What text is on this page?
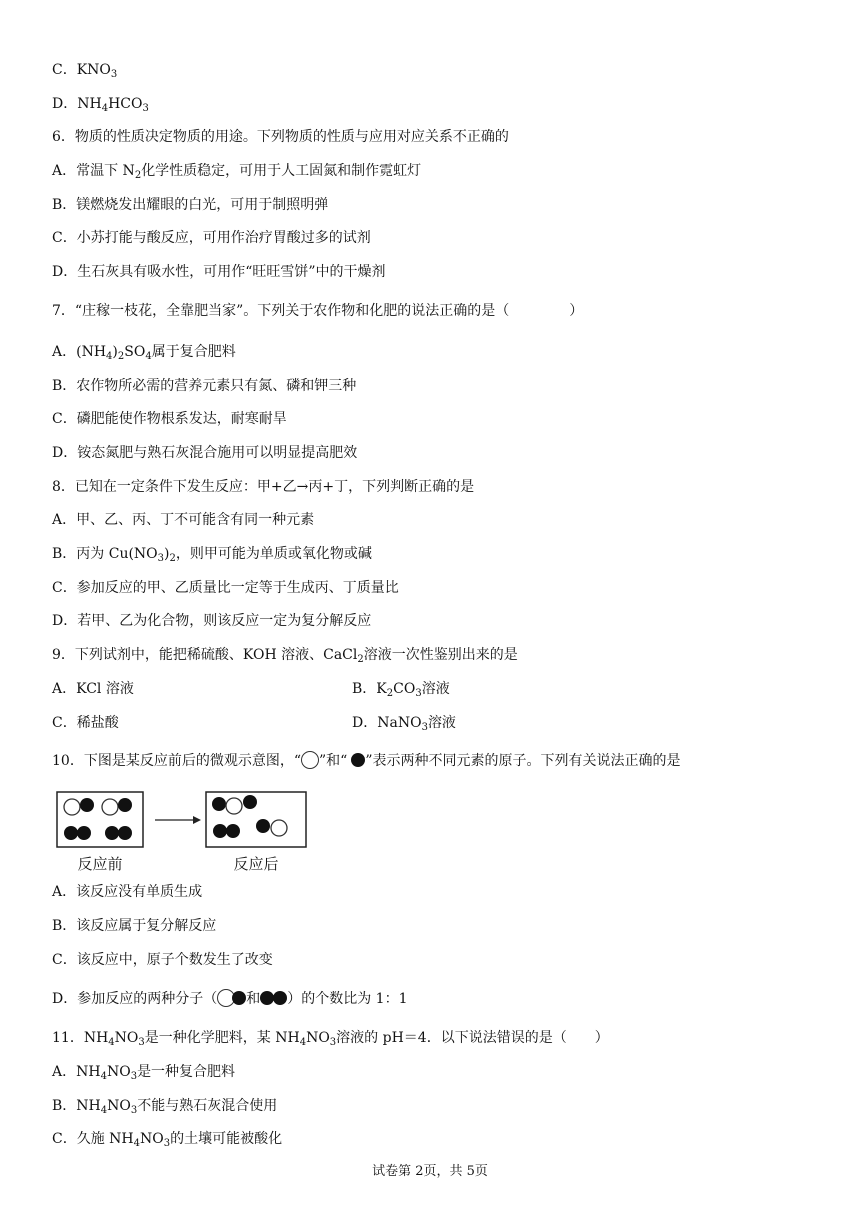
C．$KNO_3$
D．$NH_4HCO_3$
6．物质的性质决定物质的用途。下列物质的性质与应用对应关系不正确的
A．常温下 $N_2$化学性质稳定，可用于人工固氮和制作霓虹灯
B．镁燃烧发出耀眼的白光，可用于制照明弹
C．小苏打能与酸反应，可用作治疗胃酸过多的试剂
D．生石灰具有吸水性，可用作“旺旺雪饼”中的干燥剂
7．“庄稼一枝花，全靠肥当家”。下列关于农作物和化肥的说法正确的是（	）
A．$(NH_4)_2SO_4$属于复合肥料
B．农作物所必需的营养元素只有氮、磷和钾三种
C．磷肥能使作物根系发达，耐寒耐旱
D．铵态氮肥与熟石灰混合施用可以明显提高肥效
8．已知在一定条件下发生反应：甲+乙→丙+丁，下列判断正确的是
A．甲、乙、丙、丁不可能含有同一种元素
B．丙为 $Cu(NO_3)_2$，则甲可能为单质或氧化物或碱
C．参加反应的甲、乙质量比一定等于生成丙、丁质量比
D．若甲、乙为化合物，则该反应一定为复分解反应
9．下列试剂中，能把稀硫酸、KOH 溶液、CaCl$_2$溶液一次性鉴别出来的是
A．KCl 溶液	B．$K_2CO_3$溶液
C．稀盐酸	D．NaNO$_3$溶液
10．下图是某反应前后的微观示意图，“ ”和“ ”表示两种不同元素的原子。下列有关说法正确的是
反应前	反应后
A．该反应没有单质生成
B．该反应属于复分解反应
C．该反应中，原子个数发生了改变
D．参加反应的两种分子（ 和 ）的个数比为 1：1
11．$NH_4NO_3$是一种化学肥料，某 $NH_4NO_3$溶液的 pH＝4．以下说法错误的是（ ）
A．$NH_4NO_3$是一种复合肥料
B．$NH_4NO_3$不能与熟石灰混合使用
C．久施 $NH_4NO_3$的土壤可能被酸化
试卷第 2页，共 5页
